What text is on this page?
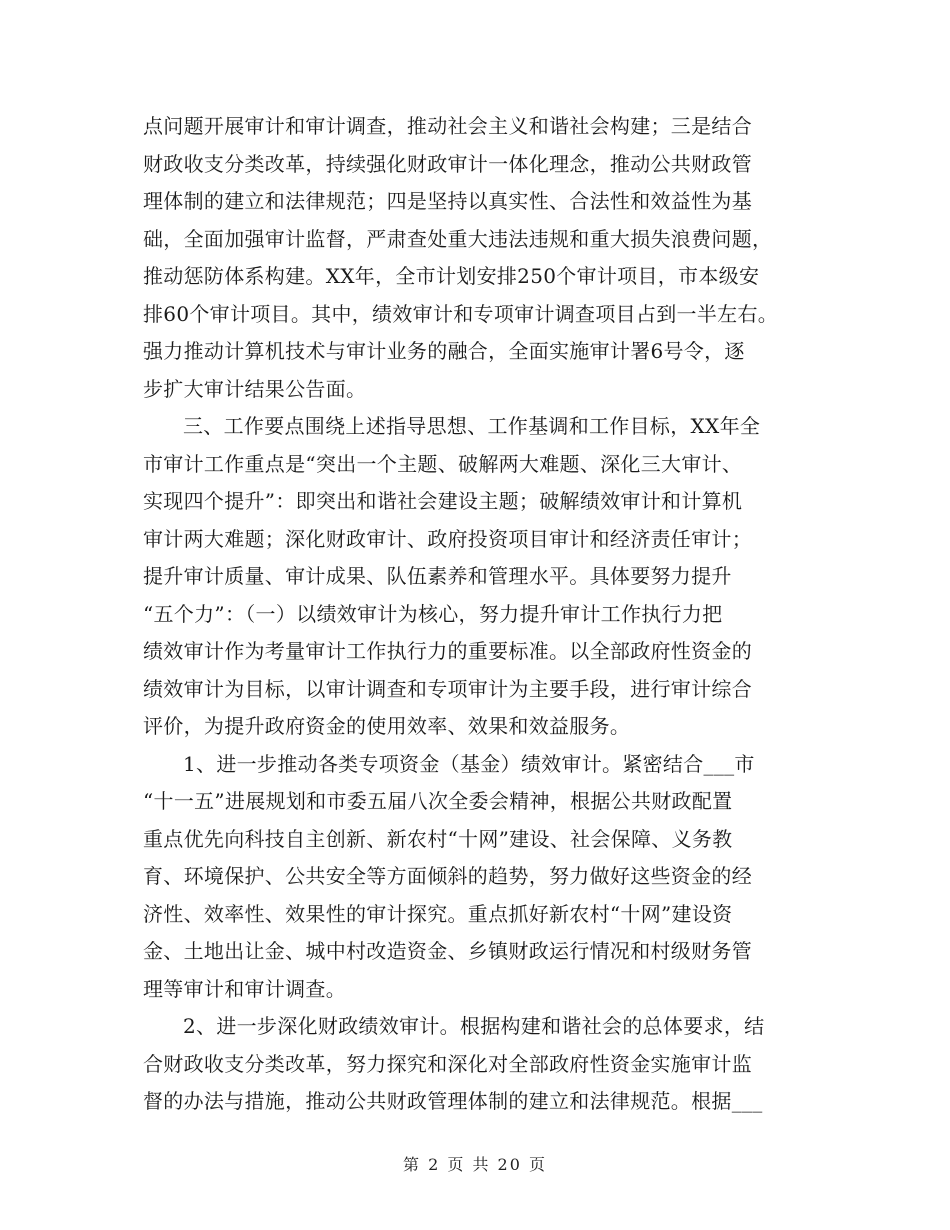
点问题开展审计和审计调查，推动社会主义和谐社会构建；三是结合
财政收支分类改革，持续强化财政审计一体化理念，推动公共财政管
理体制的建立和法律规范；四是坚持以真实性、合法性和效益性为基
础，全面加强审计监督，严肃查处重大违法违规和重大损失浪费问题，
推动惩防体系构建。XX年，全市计划安排250个审计项目，市本级安
排60个审计项目。其中，绩效审计和专项审计调查项目占到一半左右。
强力推动计算机技术与审计业务的融合，全面实施审计署6号令，逐
步扩大审计结果公告面。

三、工作要点围绕上述指导思想、工作基调和工作目标，XX年全
市审计工作重点是“突出一个主题、破解两大难题、深化三大审计、
实现四个提升”：即突出和谐社会建设主题；破解绩效审计和计算机
审计两大难题；深化财政审计、政府投资项目审计和经济责任审计；
提升审计质量、审计成果、队伍素养和管理水平。具体要努力提升
“五个力”：（一）以绩效审计为核心，努力提升审计工作执行力把
绩效审计作为考量审计工作执行力的重要标准。以全部政府性资金的
绩效审计为目标，以审计调查和专项审计为主要手段，进行审计综合
评价，为提升政府资金的使用效率、效果和效益服务。

1、进一步推动各类专项资金（基金）绩效审计。紧密结合___市
“十一五”进展规划和市委五届八次全委会精神，根据公共财政配置
重点优先向科技自主创新、新农村“十网”建设、社会保障、义务教
育、环境保护、公共安全等方面倾斜的趋势，努力做好这些资金的经
济性、效率性、效果性的审计探究。重点抓好新农村“十网”建设资
金、土地出让金、城中村改造资金、乡镇财政运行情况和村级财务管
理等审计和审计调查。

2、进一步深化财政绩效审计。根据构建和谐社会的总体要求，结
合财政收支分类改革，努力探究和深化对全部政府性资金实施审计监
督的办法与措施，推动公共财政管理体制的建立和法律规范。根据___

第 2 页 共 20 页
